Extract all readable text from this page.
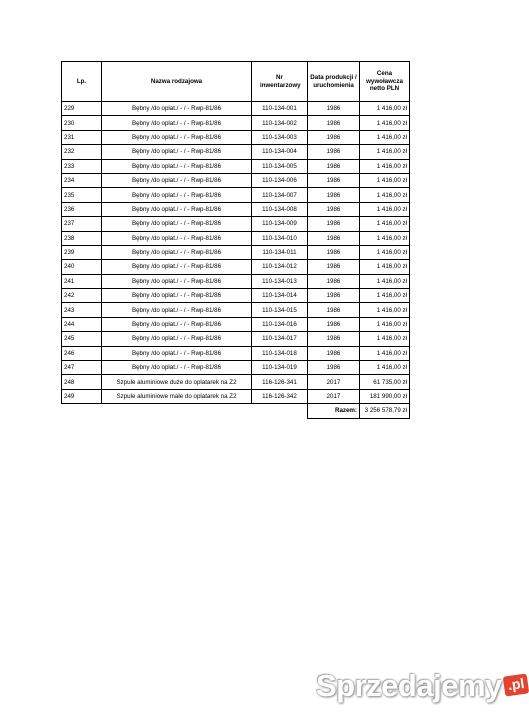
Lp.	Nazwa rodzajowa	Nr inwentarzowy	Data produkcji / uruchomienia	Cena wywoławcza netto PLN
229	Bębny /do oplat./ - / - Rwp-81/86	110-134-001	1986	1 416,00 zł
230	Bębny /do oplat./ - / - Rwp-81/86	110-134-002	1986	1 416,00 zł
231	Bębny /do oplat./ - / - Rwp-81/86	110-134-003	1986	1 416,00 zł
232	Bębny /do oplat./ - / - Rwp-81/86	110-134-004	1986	1 416,00 zł
233	Bębny /do oplat./ - / - Rwp-81/86	110-134-005	1986	1 416,00 zł
234	Bębny /do oplat./ - / - Rwp-81/86	110-134-006	1986	1 416,00 zł
235	Bębny /do oplat./ - / - Rwp-81/86	110-134-007	1986	1 416,00 zł
236	Bębny /do oplat./ - / - Rwp-81/86	110-134-008	1986	1 416,00 zł
237	Bębny /do oplat./ - / - Rwp-81/86	110-134-009	1986	1 416,00 zł
238	Bębny /do oplat./ - / - Rwp-81/86	110-134-010	1986	1 416,00 zł
239	Bębny /do oplat./ - / - Rwp-81/86	110-134-011	1986	1 416,00 zł
240	Bębny /do oplat./ - / - Rwp-81/86	110-134-012	1986	1 416,00 zł
241	Bębny /do oplat./ - / - Rwp-81/86	110-134-013	1986	1 416,00 zł
242	Bębny /do oplat./ - / - Rwp-81/86	110-134-014	1986	1 416,00 zł
243	Bębny /do oplat./ - / - Rwp-81/86	110-134-015	1986	1 416,00 zł
244	Bębny /do oplat./ - / - Rwp-81/86	110-134-016	1986	1 416,00 zł
245	Bębny /do oplat./ - / - Rwp-81/86	110-134-017	1986	1 416,00 zł
246	Bębny /do oplat./ - / - Rwp-81/86	110-134-018	1986	1 416,00 zł
247	Bębny /do oplat./ - / - Rwp-81/86	110-134-019	1986	1 416,00 zł
248	Szpule aluminiowe duże do oplatarek na Z2	116-126-341	2017	61 735,00 zł
249	Szpule aluminiowe małe do oplatarek na Z2	116-126-342	2017	181 990,00 zł
			Razem:	3 256 578,79 zł
Sprzedajemy .pl
